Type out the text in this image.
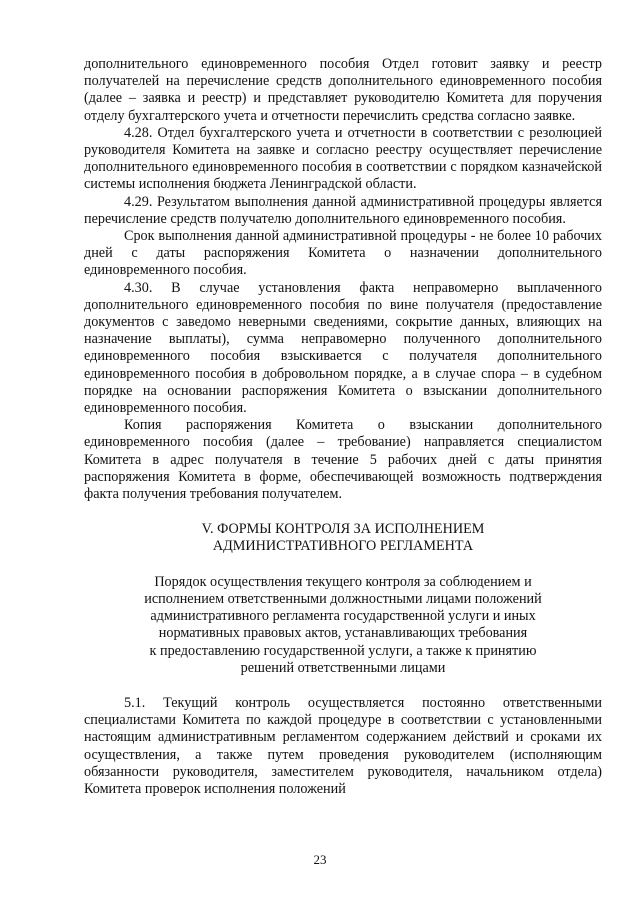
дополнительного единовременного пособия Отдел готовит заявку и реестр получателей на перечисление средств дополнительного единовременного пособия (далее – заявка и реестр) и представляет руководителю Комитета для поручения отделу бухгалтерского учета и отчетности перечислить средства согласно заявке.

4.28. Отдел бухгалтерского учета и отчетности в соответствии с резолюцией руководителя Комитета на заявке и согласно реестру осуществляет перечисление дополнительного единовременного пособия в соответствии с порядком казначейской системы исполнения бюджета Ленинградской области.

4.29. Результатом выполнения данной административной процедуры является перечисление средств получателю дополнительного единовременного пособия.

Срок выполнения данной административной процедуры - не более 10 рабочих дней с даты распоряжения Комитета о назначении дополнительного единовременного пособия.

4.30. В случае установления факта неправомерно выплаченного дополнительного единовременного пособия по вине получателя (предоставление документов с заведомо неверными сведениями, сокрытие данных, влияющих на назначение выплаты), сумма неправомерно полученного дополнительного единовременного пособия взыскивается с получателя дополнительного единовременного пособия в добровольном порядке, а в случае спора – в судебном порядке на основании распоряжения Комитета о взыскании дополнительного единовременного пособия.

Копия распоряжения Комитета о взыскании дополнительного единовременного пособия (далее – требование) направляется специалистом Комитета в адрес получателя в течение 5 рабочих дней с даты принятия распоряжения Комитета в форме, обеспечивающей возможность подтверждения факта получения требования получателем.

V. ФОРМЫ КОНТРОЛЯ ЗА ИСПОЛНЕНИЕМ
АДМИНИСТРАТИВНОГО РЕГЛАМЕНТА
Порядок осуществления текущего контроля за соблюдением и
исполнением ответственными должностными лицами положений
административного регламента государственной услуги и иных
нормативных правовых актов, устанавливающих требования
к предоставлению государственной услуги, а также к принятию
решений ответственными лицами

5.1. Текущий контроль осуществляется постоянно ответственными специалистами Комитета по каждой процедуре в соответствии с установленными настоящим административным регламентом содержанием действий и сроками их осуществления, а также путем проведения руководителем (исполняющим обязанности руководителя, заместителем руководителя, начальником отдела) Комитета проверок исполнения положений

23
